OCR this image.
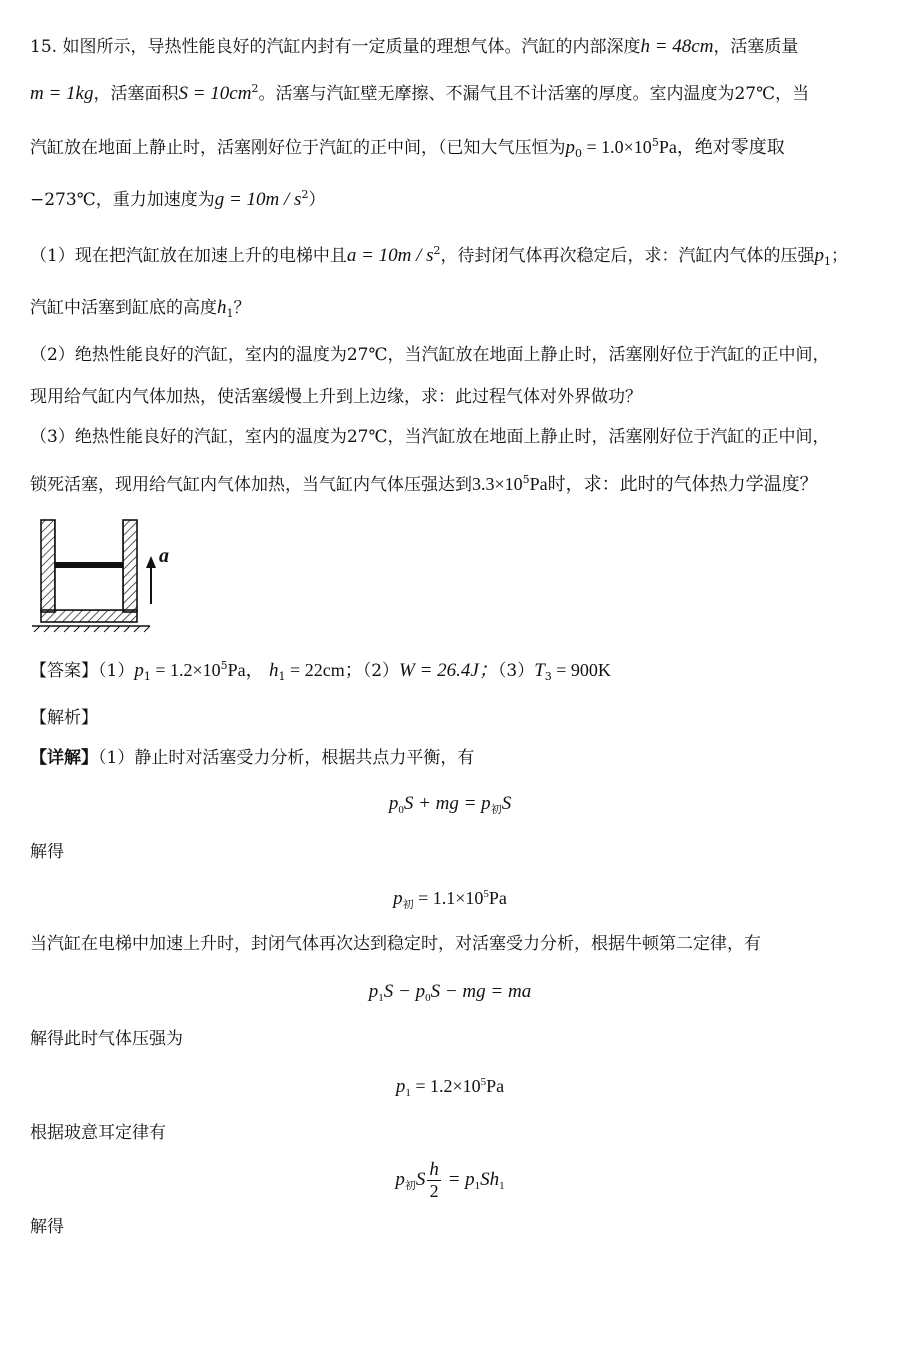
15. 如图所示，导热性能良好的汽缸内封有一定质量的理想气体。汽缸的内部深度h = 48cm，活塞质量
m = 1kg，活塞面积$S = 10cm^2$。活塞与汽缸壁无摩擦、不漏气且不计活塞的厚度。室内温度为27℃，当
汽缸放在地面上静止时，活塞刚好位于汽缸的正中间，（已知大气压恒为$p_0 = 1.0\times 10^5Pa$，绝对零度取
−273℃，重力加速度为$g = 10m / s^2$）
（1）现在把汽缸放在加速上升的电梯中且$a = 10m / s^2$，待封闭气体再次稳定后，求：汽缸内气体的压强$p_1$；
汽缸中活塞到缸底的高度$h_1$？
（2）绝热性能良好的汽缸，室内的温度为27℃，当汽缸放在地面上静止时，活塞刚好位于汽缸的正中间，
现用给气缸内气体加热，使活塞缓慢上升到上边缘，求：此过程气体对外界做功？
（3）绝热性能良好的汽缸，室内的温度为27℃，当汽缸放在地面上静止时，活塞刚好位于汽缸的正中间，
锁死活塞，现用给气缸内气体加热，当气缸内气体压强达到$3.3\times 10^5Pa$时，求：此时的气体热力学温度？
a
【答案】$(1)p_1 = 1.2\times 10^5Pa$， $h_1 = 22cm$；（2）W = 26.4J；$(3)T_3 = 900K$
【解析】
【详解】（1）静止时对活塞受力分析，根据共点力平衡，有
$p_0S$ + mg = $p_初S$
解得
$p_初 = 1.1\times 10^5Pa$
当汽缸在电梯中加速上升时，封闭气体再次达到稳定时，对活塞受力分析，根据牛顿第二定律，有
$p_1S - p_0S$ − mg = ma
解得此时气体压强为
$p_1 = 1.2\times 10^5Pa$
根据玻意耳定律有
$p_初S \frac{h}{2} = p_1Sh_1$
解得
